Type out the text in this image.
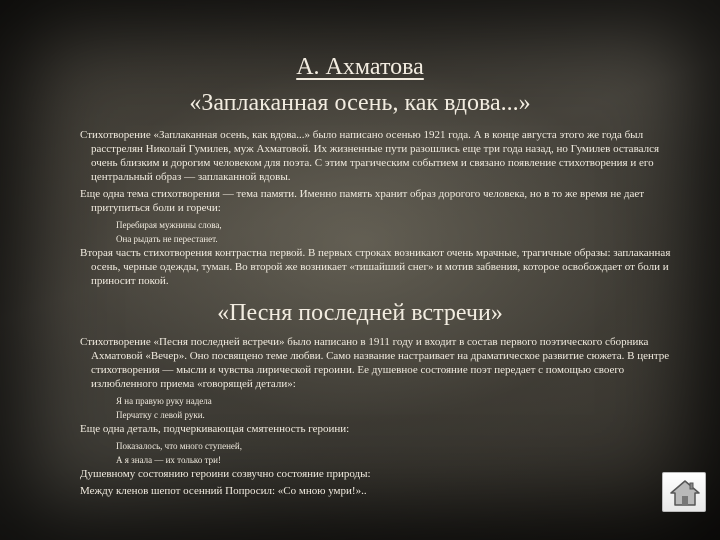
А. Ахматова
«Заплаканная осень, как вдова...»

Стихотворение «Заплаканная осень, как вдова...» было написано осенью 1921 года. А в конце августа этого же года был расстрелян Николай Гумилев, муж Ахматовой. Их жизненные пути разошлись еще три года назад, но Гумилев оставался очень близким и дорогим человеком для поэта. С этим трагическим событием и связано появление стихотворения и его центральный образ — заплаканной вдовы.

Еще одна тема стихотворения — тема памяти. Именно память хранит образ дорогого человека, но в то же время не дает притупиться боли и горечи:

Перебирая мужнины слова,
Она рыдать не перестанет.

Вторая часть стихотворения контрастна первой. В первых строках возникают очень мрачные, трагичные образы: заплаканная осень, черные одежды, туман. Во второй же возникает «тишайший снег» и мотив забвения, которое освобождает от боли и приносит покой.

«Песня последней встречи»

Стихотворение «Песня последней встречи» было написано в 1911 году и входит в состав первого поэтического сборника Ахматовой «Вечер». Оно посвящено теме любви. Само название настраивает на драматическое развитие сюжета. В центре стихотворения — мысли и чувства лирической героини. Ее душевное состояние поэт передает с помощью своего излюбленного приема «говорящей детали»:

Я на правую руку надела
Перчатку с левой руки.

Еще одна деталь, подчеркивающая смятенность героини:

Показалось, что много ступеней,
А я знала — их только три!

Душевному состоянию героини созвучно состояние природы:

Между кленов шепот осенний Попросил: «Со мною умри!»..
